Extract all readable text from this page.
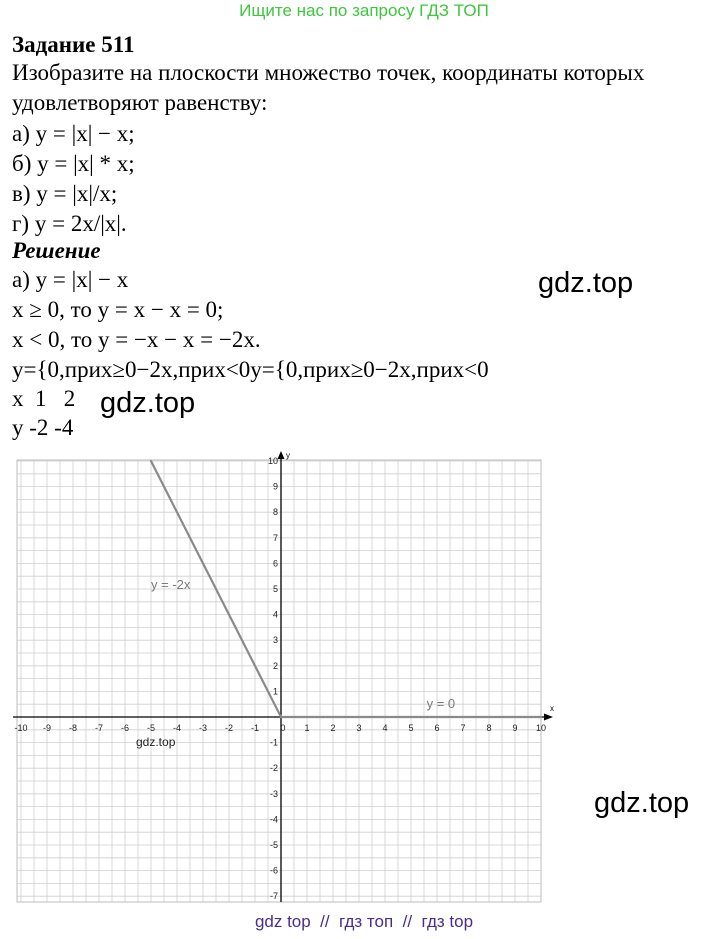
Ищите нас по запросу ГДЗ ТОП
Задание 511
Изобразите на плоскости множество точек, координаты которых
удовлетворяют равенству:
а) y = |x| − x;
б) y = |x| * x;
в) y = |x|/x;
г) y = 2x/|x|.
Решение
а) y = |x| − x
x ≥ 0, то y = x − x = 0;
x < 0, то y = −x − x = −2x.
y={0,прих≥0−2x,прих<0y={0,прих≥0−2x,прих<0
x  1   2
y -2 -4
gdz.top
gdz.top
gdz.top
x
y
-10 -9 -8 -7 -6 -5 -4 -3 -2 -1 0 1 2 3 4 5 6 7 8 9 10
10
9
8
7
6
5
4
3
2
1
-1
-2
-3
-4
-5
-6
-7
y = -2x
y = 0
gdz.top
gdz top  //  гдз топ  //  гдз top
